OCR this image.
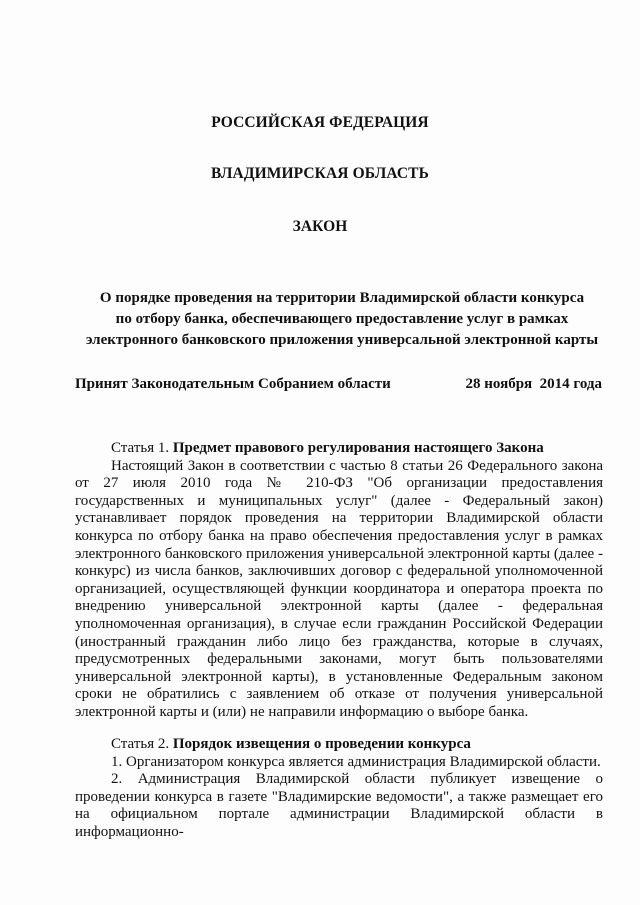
РОССИЙСКАЯ ФЕДЕРАЦИЯ
ВЛАДИМИРСКАЯ ОБЛАСТЬ
ЗАКОН
О порядке проведения на территории Владимирской области конкурса
по отбору банка, обеспечивающего предоставление услуг в рамках
электронного банковского приложения универсальной электронной карты
Принят Законодательным Собранием области	28 ноября  2014 года

Статья 1. Предмет правового регулирования настоящего Закона

Настоящий Закон в соответствии с частью 8 статьи 26 Федерального закона от 27 июля 2010 года № 210-ФЗ "Об организации предоставления государственных и муниципальных услуг" (далее - Федеральный закон) устанавливает порядок проведения на территории Владимирской области конкурса по отбору банка на право обеспечения предоставления услуг в рамках электронного банковского приложения универсальной электронной карты (далее - конкурс) из числа банков, заключивших договор с федеральной уполномоченной организацией, осуществляющей функции координатора и оператора проекта по внедрению универсальной электронной карты (далее - федеральная уполномоченная организация), в случае если гражданин Российской Федерации (иностранный гражданин либо лицо без гражданства, которые в случаях, предусмотренных федеральными законами, могут быть пользователями универсальной электронной карты), в установленные Федеральным законом сроки не обратились с заявлением об отказе от получения универсальной электронной карты и (или) не направили информацию о выборе банка.

Статья 2. Порядок извещения о проведении конкурса

1. Организатором конкурса является администрация Владимирской области.

2. Администрация Владимирской области публикует извещение о проведении конкурса в газете "Владимирские ведомости", а также размещает его на официальном портале администрации Владимирской области в информационно-
